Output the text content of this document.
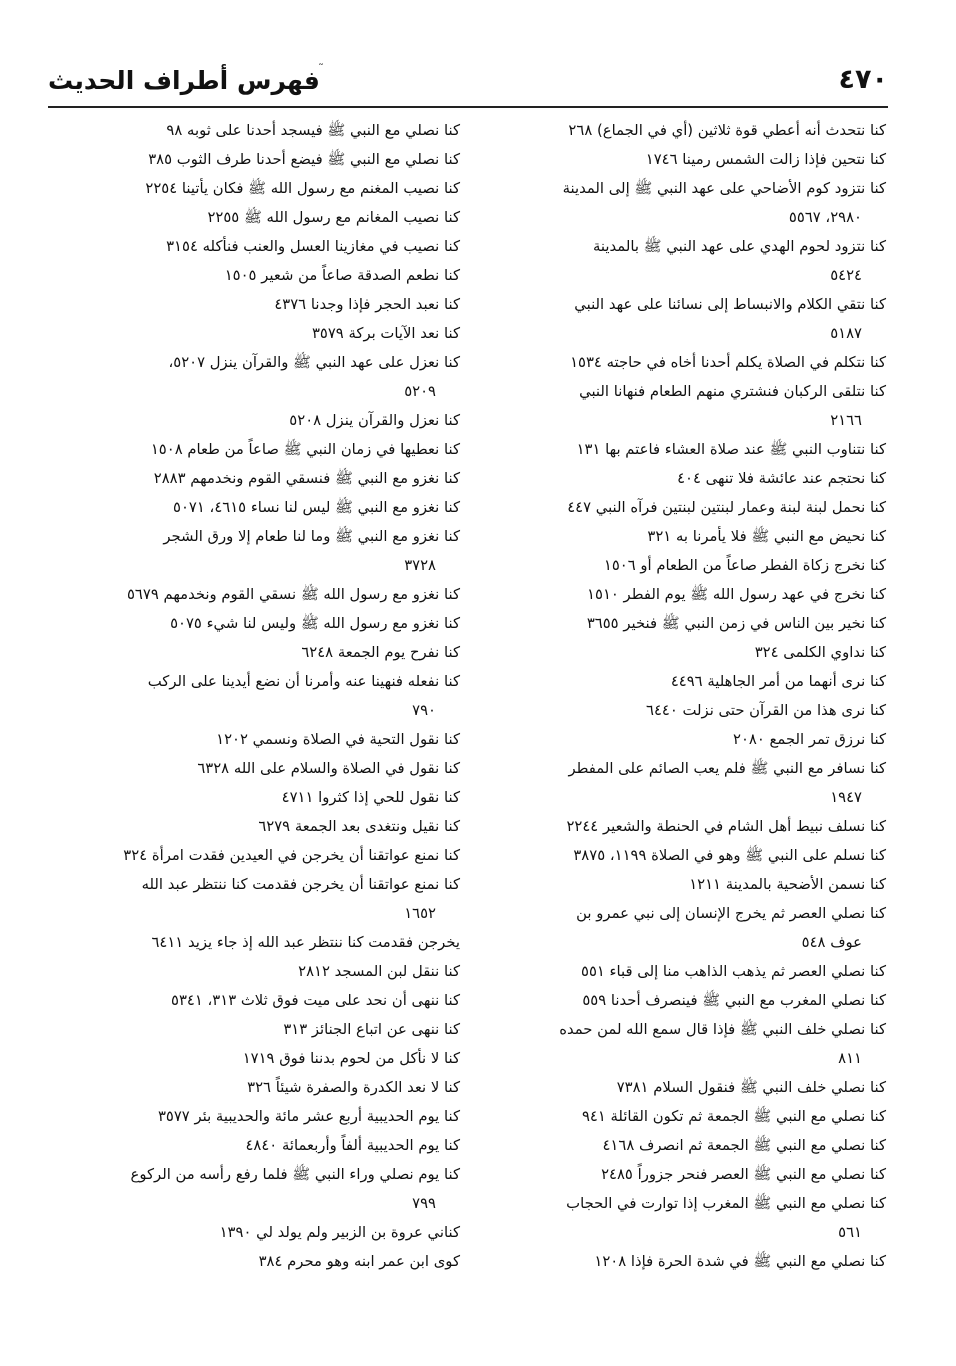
٤٧٠
˜
فهرس أطراف الحديث

كنا نتحدث أنه أعطي قوة ثلاثين (أي في الجماع) ٢٦٨

كنا نتحين فإذا زالت الشمس رمينا ١٧٤٦

كنا نتزود كوم الأضاحي على عهد النبي ﷺ إلى المدينة
٢٩٨٠، ٥٥٦٧

كنا نتزود لحوم الهدي على عهد النبي ﷺ بالمدينة
٥٤٢٤

كنا نتقي الكلام والانبساط إلى نسائنا على عهد النبي
٥١٨٧

كنا نتكلم في الصلاة يكلم أحدنا أخاه في حاجته ١٥٣٤

كنا نتلقى الركبان فنشتري منهم الطعام فنهانا النبي
٢١٦٦

كنا نتناوب النبي ﷺ عند صلاة العشاء فاعتم بها ١٣١

كنا نحتجم عند عائشة فلا تنهى ٤٠٤

كنا نحمل لبنة لبنة وعمار لبنتين لبنتين فرآه النبي ٤٤٧

كنا نحيض مع النبي ﷺ فلا يأمرنا به ٣٢١

كنا نخرج زكاة الفطر صاعاً من الطعام أو ١٥٠٦

كنا نخرج في عهد رسول الله ﷺ يوم الفطر ١٥١٠

كنا نخير بين الناس في زمن النبي ﷺ فنخير ٣٦٥٥

كنا نداوي الكلمى ٣٢٤

كنا نرى أنهما من أمر الجاهلية ٤٤٩٦

كنا نرى هذا من القرآن حتى نزلت ٦٤٤٠

كنا نرزق تمر الجمع ٢٠٨٠

كنا نسافر مع النبي ﷺ فلم يعب الصائم على المفطر
١٩٤٧

كنا نسلف نبيط أهل الشام في الحنطة والشعير ٢٢٤٤

كنا نسلم على النبي ﷺ وهو في الصلاة ١١٩٩، ٣٨٧٥

كنا نسمن الأضحية بالمدينة ١٢١١

كنا نصلي العصر ثم يخرج الإنسان إلى نبي عمرو بن
عوف ٥٤٨

كنا نصلي العصر ثم يذهب الذاهب منا إلى قباء ٥٥١

كنا نصلي المغرب مع النبي ﷺ فينصرف أحدنا ٥٥٩

كنا نصلي خلف النبي ﷺ فإذا قال سمع الله لمن حمده
٨١١

كنا نصلي خلف النبي ﷺ فنقول السلام ٧٣٨١

كنا نصلي مع النبي ﷺ الجمعة ثم تكون القائلة ٩٤١

كنا نصلي مع النبي ﷺ الجمعة ثم انصرف ٤١٦٨

كنا نصلي مع النبي ﷺ العصر فنحر جزوراً ٢٤٨٥

كنا نصلي مع النبي ﷺ المغرب إذا توارت في الحجاب
٥٦١

كنا نصلي مع النبي ﷺ في شدة الحرة فإذا ١٢٠٨

كنا نصلي مع النبي ﷺ فيسجد أحدنا على ثوبه ٩٨

كنا نصلي مع النبي ﷺ فيضع أحدنا طرف الثوب ٣٨٥

كنا نصيب المغنم مع رسول الله ﷺ فكان يأتينا ٢٢٥٤

كنا نصيب المغانم مع رسول الله ﷺ ٢٢٥٥

كنا نصيب في مغازينا العسل والعنب فنأكله ٣١٥٤

كنا نطعم الصدقة صاعاً من شعير ١٥٠٥

كنا نعبد الحجر فإذا وجدنا ٤٣٧٦

كنا نعد الآيات بركة ٣٥٧٩

كنا نعزل على عهد النبي ﷺ والقرآن ينزل ٥٢٠٧،
٥٢٠٩

كنا نعزل والقرآن ينزل ٥٢٠٨

كنا نعطيها في زمان النبي ﷺ صاعاً من طعام ١٥٠٨

كنا نغزو مع النبي ﷺ فنسقي القوم ونخدمهم ٢٨٨٣

كنا نغزو مع النبي ﷺ ليس لنا نساء ٤٦١٥، ٥٠٧١

كنا نغزو مع النبي ﷺ وما لنا طعام إلا ورق الشجر
٣٧٢٨

كنا نغزو مع رسول الله ﷺ نسقي القوم ونخدمهم ٥٦٧٩

كنا نغزو مع رسول الله ﷺ وليس لنا شيء ٥٠٧٥

كنا نفرح يوم الجمعة ٦٢٤٨

كنا نفعله فنهينا عنه وأمرنا أن نضع أيدينا على الركب
٧٩٠

كنا نقول التحية في الصلاة ونسمي ١٢٠٢

كنا نقول في الصلاة والسلام على الله ٦٣٢٨

كنا نقول للحي إذا كثروا ٤٧١١

كنا نقيل ونتغدى بعد الجمعة ٦٢٧٩

كنا نمنع عواتقنا أن يخرجن في العيدين فقدت امرأة ٣٢٤

كنا نمنع عواتقنا أن يخرجن فقدمت كنا ننتظر عبد الله
١٦٥٢

يخرجن فقدمت كنا ننتظر عبد الله إذ جاء يزيد ٦٤١١

كنا ننقل لبن المسجد ٢٨١٢

كنا ننهى أن نحد على ميت فوق ثلاث ٣١٣، ٥٣٤١

كنا ننهى عن اتباع الجنائز ٣١٣

كنا لا نأكل من لحوم بدننا فوق ١٧١٩

كنا لا نعد الكدرة والصفرة شيئاً ٣٢٦

كنا يوم الحديبية أربع عشر مائة والحديبية بئر ٣٥٧٧

كنا يوم الحديبية ألفاً وأربعمائة ٤٨٤٠

كنا يوم نصلي وراء النبي ﷺ فلما رفع رأسه من الركوع
٧٩٩

كناني عروة بن الزبير ولم يولد لي ١٣٩٠

كوى ابن عمر ابنه وهو محرم ٣٨٤
